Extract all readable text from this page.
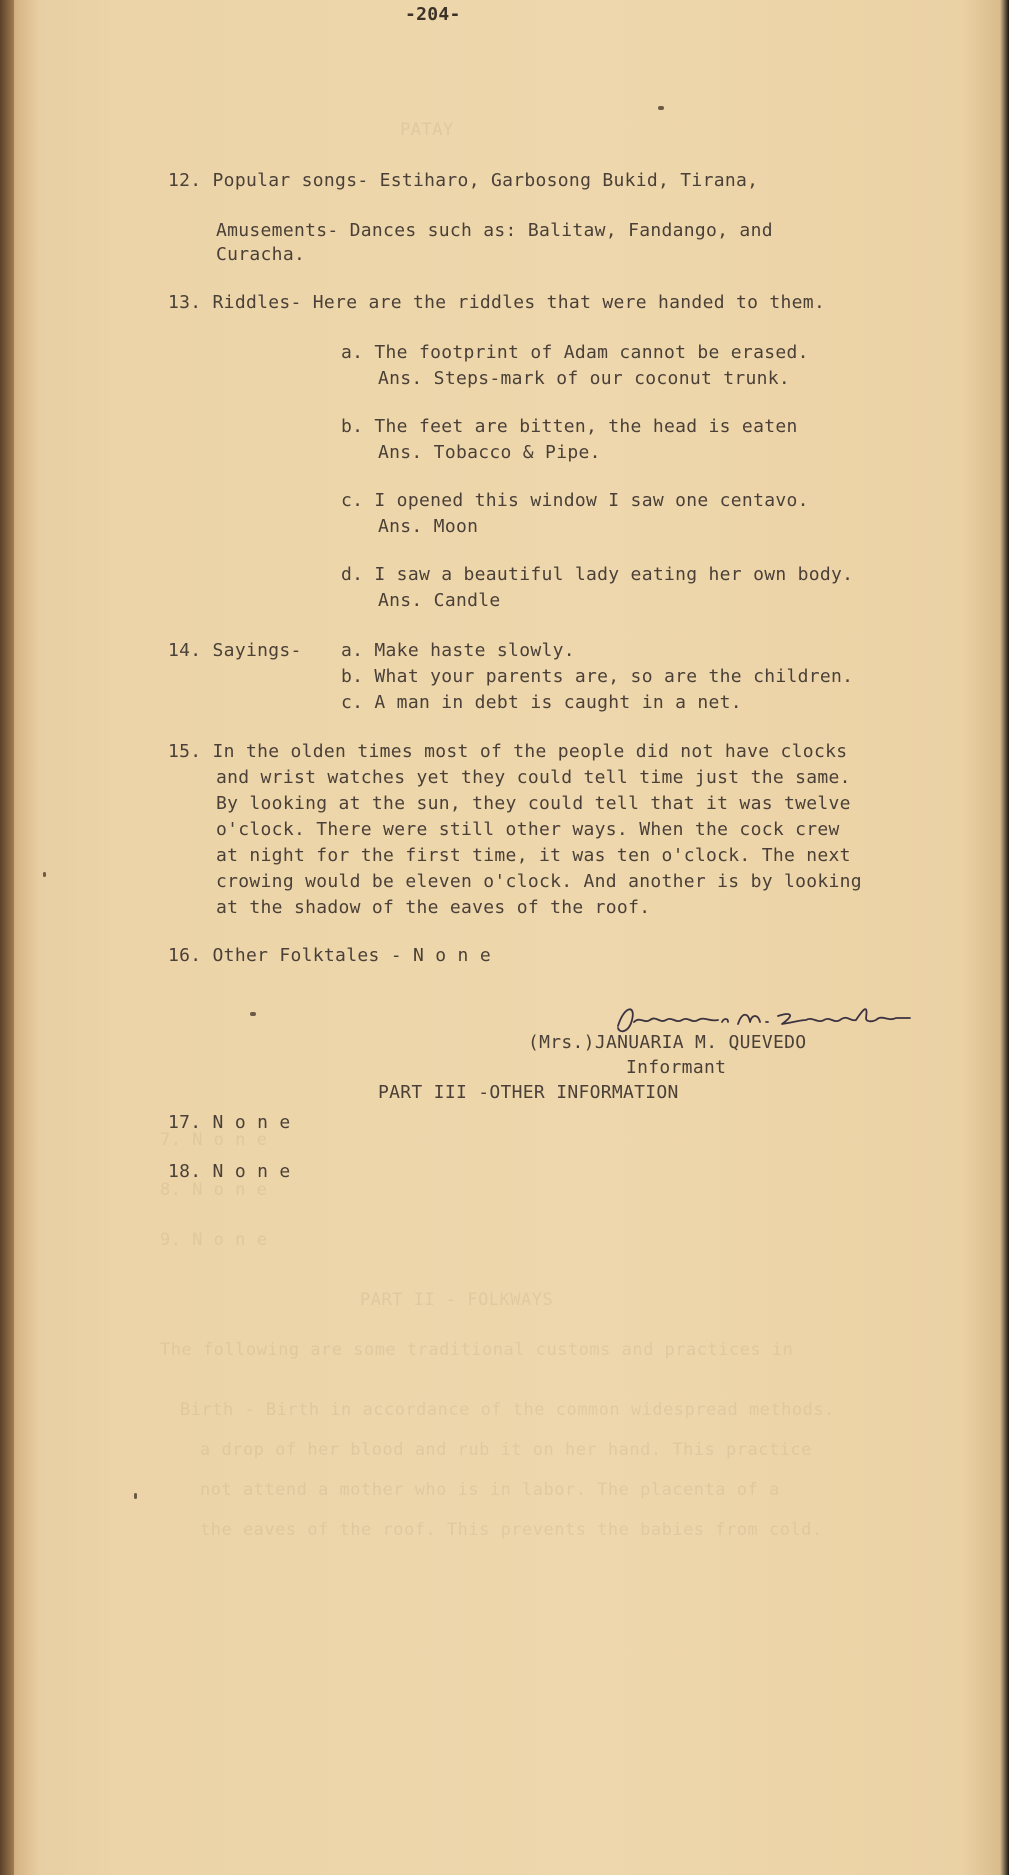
PATAY
7. N o n e
8. N o n e
9. N o n e
PART II - FOLKWAYS
The following are some traditional customs and practices in
Birth - Birth in accordance of the common widespread methods.
a drop of her blood and rub it on her hand. This practice
not attend a mother who is in labor. The placenta of a
the eaves of the roof. This prevents the babies from cold.
-204-
12. Popular songs- Estiharo, Garbosong Bukid, Tirana,
Amusements- Dances such as: Balitaw, Fandango, and
Curacha.
13. Riddles- Here are the riddles that were handed to them.
a. The footprint of Adam cannot be erased.
Ans. Steps-mark of our coconut trunk.
b. The feet are bitten, the head is eaten
Ans. Tobacco & Pipe.
c. I opened this window I saw one centavo.
Ans. Moon
d. I saw a beautiful lady eating her own body.
Ans. Candle
14. Sayings- a. Make haste slowly.
b. What your parents are, so are the children.
c. A man in debt is caught in a net.
15. In the olden times most of the people did not have clocks
and wrist watches yet they could tell time just the same.
By looking at the sun, they could tell that it was twelve
o'clock. There were still other ways. When the cock crew
at night for the first time, it was ten o'clock. The next
crowing would be eleven o'clock. And another is by looking
at the shadow of the eaves of the roof.
16. Other Folktales - N o n e
(Mrs.)JANUARIA M. QUEVEDO
Informant
PART III -OTHER INFORMATION
17. N o n e
18. N o n e
